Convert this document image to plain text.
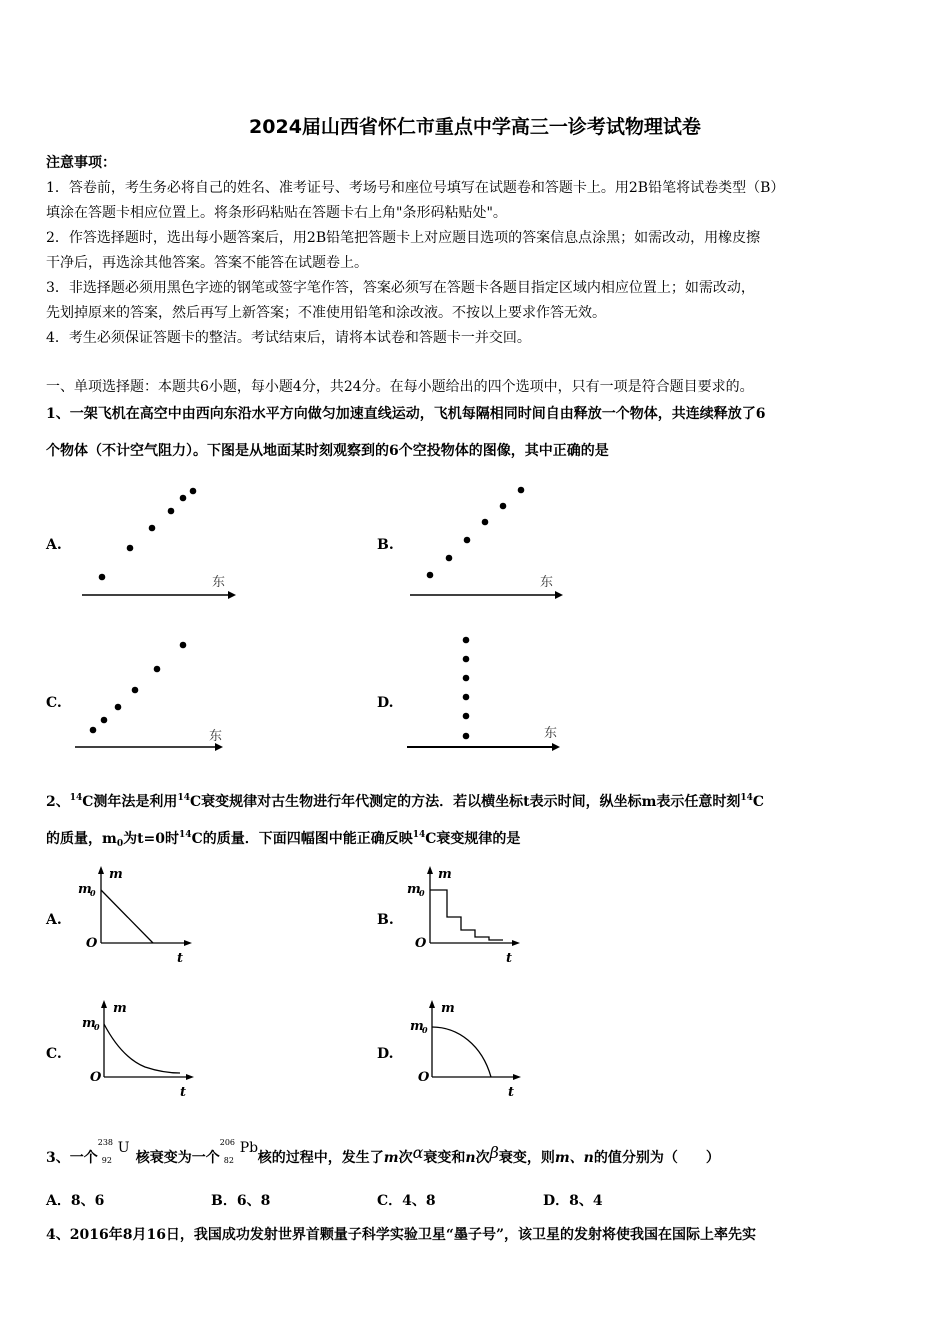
2024届山西省怀仁市重点中学高三一诊考试物理试卷
注意事项：
1．答卷前，考生务必将自己的姓名、准考证号、考场号和座位号填写在试题卷和答题卡上。用2B铅笔将试卷类型（B）
填涂在答题卡相应位置上。将条形码粘贴在答题卡右上角"条形码粘贴处"。
2．作答选择题时，选出每小题答案后，用2B铅笔把答题卡上对应题目选项的答案信息点涂黑；如需改动，用橡皮擦
干净后，再选涂其他答案。答案不能答在试题卷上。
3．非选择题必须用黑色字迹的钢笔或签字笔作答，答案必须写在答题卡各题目指定区域内相应位置上；如需改动，
先划掉原来的答案，然后再写上新答案；不准使用铅笔和涂改液。不按以上要求作答无效。
4．考生必须保证答题卡的整洁。考试结束后，请将本试卷和答题卡一并交回。
一、单项选择题：本题共6小题，每小题4分，共24分。在每小题给出的四个选项中，只有一项是符合题目要求的。
1、一架飞机在高空中由西向东沿水平方向做匀加速直线运动，飞机每隔相同时间自由释放一个物体，共连续释放了6
个物体（不计空气阻力）。下图是从地面某时刻观察到的6个空投物体的图像，其中正确的是
A.	B.
C.	D.
东	东
东	东
2、$^{14}$C测年法是利用$^{14}$C衰变规律对古生物进行年代测定的方法．若以横坐标t表示时间，纵坐标m表示任意时刻$^{14}$C
的质量，$m_0$为t=0时$^{14}$C的质量．下面四幅图中能正确反映$^{14}$C衰变规律的是
A.	B.
C.	D.
m
m
0
O
t
m
m
0
O
t
m
m
0
O
t
m
m
0
O
t
3、一个
238
92
U
核衰变为一个
206
82
Pb
核的过程中，发生了m次α衰变和n次β衰变，则m、n的值分别为（　　）
A．8、6	B．6、8	C．4、8	D．8、4
4、2016年8月16日，我国成功发射世界首颗量子科学实验卫星“墨子号”，该卫星的发射将使我国在国际上率先实
